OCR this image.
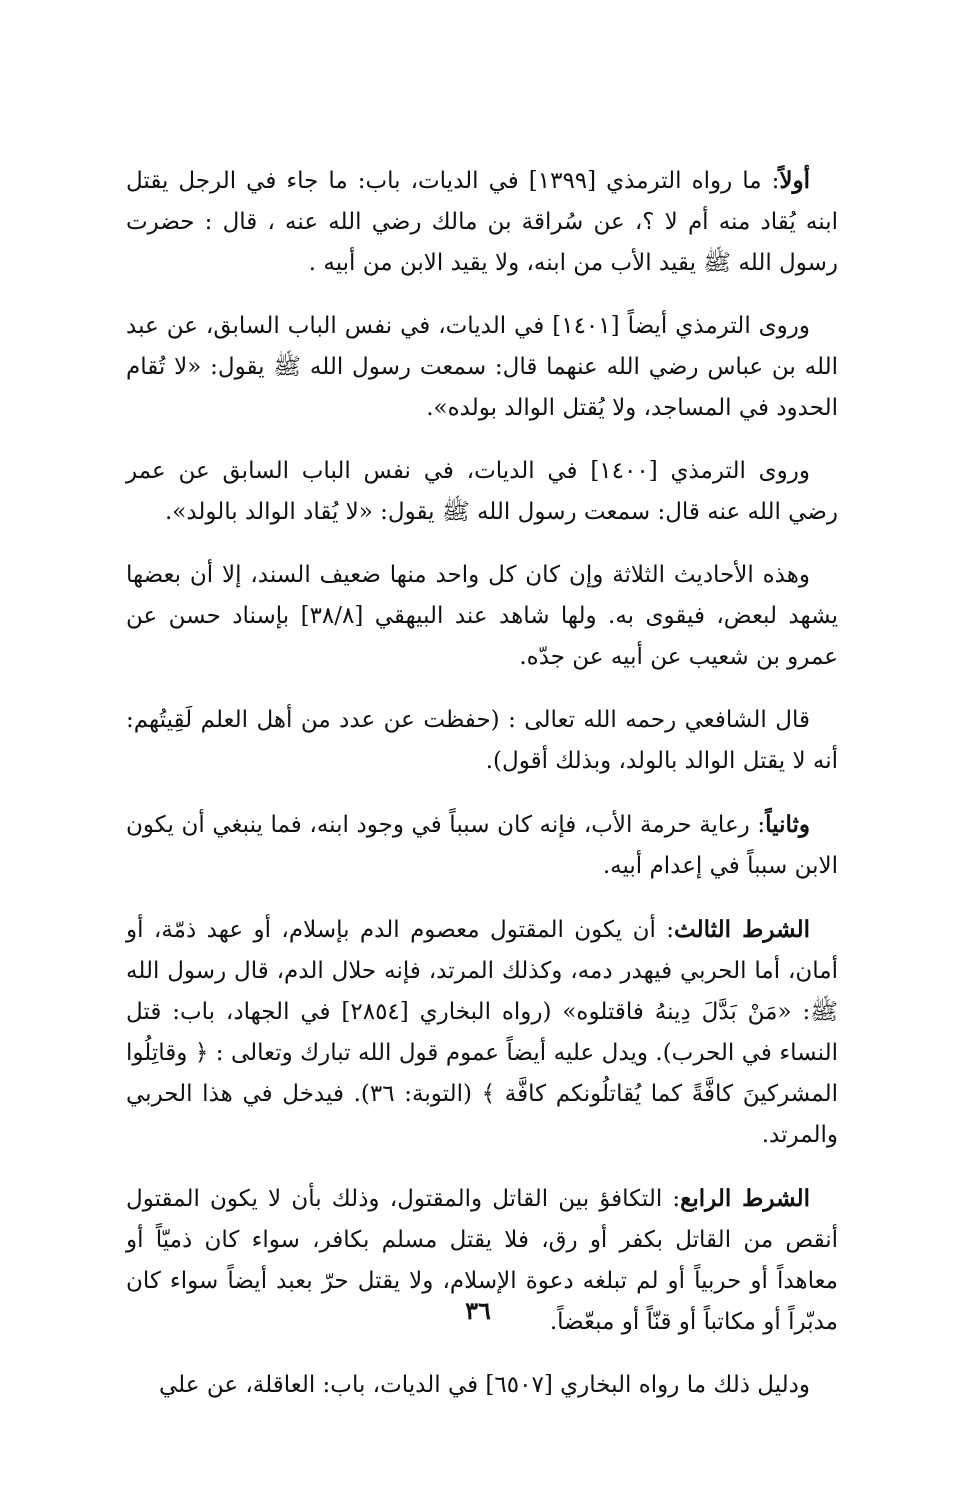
أولاً: ما رواه الترمذي [١٣٩٩] في الديات، باب: ما جاء في الرجل يقتل ابنه يُقاد منه أم لا ؟، عن سُراقة بن مالك رضي الله عنه ، قال : حضرت رسول الله ﷺ يقيد الأب من ابنه، ولا يقيد الابن من أبيه .

وروى الترمذي أيضاً [١٤٠١] في الديات، في نفس الباب السابق، عن عبد الله بن عباس رضي الله عنهما قال: سمعت رسول الله ﷺ يقول: «لا تُقام الحدود في المساجد، ولا يُقتل الوالد بولده».

وروى الترمذي [١٤٠٠] في الديات، في نفس الباب السابق عن عمر رضي الله عنه قال: سمعت رسول الله ﷺ يقول: «لا يُقاد الوالد بالولد».

وهذه الأحاديث الثلاثة وإن كان كل واحد منها ضعيف السند، إلا أن بعضها يشهد لبعض، فيقوى به. ولها شاهد عند البيهقي [٣٨/٨] بإسناد حسن عن عمرو بن شعيب عن أبيه عن جدّه.

قال الشافعي رحمه الله تعالى : (حفظت عن عدد من أهل العلم لَقِيتُهم: أنه لا يقتل الوالد بالولد، وبذلك أقول).

وثانياً: رعاية حرمة الأب، فإنه كان سبباً في وجود ابنه، فما ينبغي أن يكون الابن سبباً في إعدام أبيه.

الشرط الثالث: أن يكون المقتول معصوم الدم بإسلام، أو عهد ذمّة، أو أمان، أما الحربي فيهدر دمه، وكذلك المرتد، فإنه حلال الدم، قال رسول الله ﷺ: «مَنْ بَدَّلَ دِينهُ فاقتلوه» (رواه البخاري [٢٨٥٤] في الجهاد، باب: قتل النساء في الحرب). ويدل عليه أيضاً عموم قول الله تبارك وتعالى : ﴿ وقاتِلُوا المشركينَ كافَّةً كما يُقاتلُونكم كافَّة ﴾ (التوبة: ٣٦). فيدخل في هذا الحربي والمرتد.

الشرط الرابع: التكافؤ بين القاتل والمقتول، وذلك بأن لا يكون المقتول أنقص من القاتل بكفر أو رق، فلا يقتل مسلم بكافر، سواء كان ذميّاً أو معاهداً أو حربياً أو لم تبلغه دعوة الإسلام، ولا يقتل حرّ بعبد أيضاً سواء كان مدبّراً أو مكاتباً أو قنّاً أو مبعّضاً.

ودليل ذلك ما رواه البخاري [٦٥٠٧] في الديات، باب: العاقلة، عن علي

٣٦
